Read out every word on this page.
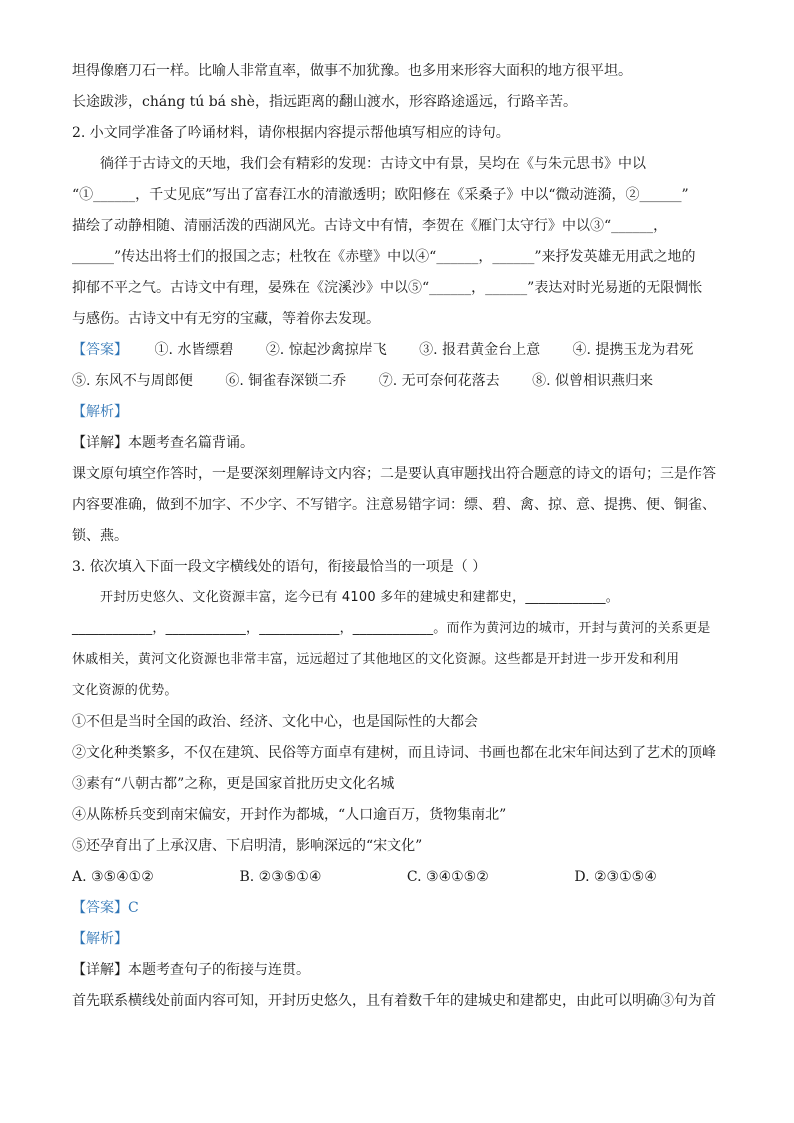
坦得像磨刀石一样。比喻人非常直率，做事不加犹豫。也多用来形容大面积的地方很平坦。
长途跋涉，cháng tú bá shè，指远距离的翻山渡水，形容路途遥远，行路辛苦。
2. 小文同学准备了吟诵材料，请你根据内容提示帮他填写相应的诗句。
徜徉于古诗文的天地，我们会有精彩的发现：古诗文中有景，吴均在《与朱元思书》中以
“①______，千丈见底”写出了富春江水的清澈透明；欧阳修在《采桑子》中以“微动涟漪，②______”
描绘了动静相随、清丽活泼的西湖风光。古诗文中有情，李贺在《雁门太守行》中以③“______，
______”传达出将士们的报国之志；杜牧在《赤壁》中以④“______，______”来抒发英雄无用武之地的
抑郁不平之气。古诗文中有理，晏殊在《浣溪沙》中以⑤“______，______”表达对时光易逝的无限惆怅
与感伤。古诗文中有无穷的宝藏，等着你去发现。
【答案】 ①. 水皆缥碧 ②. 惊起沙禽掠岸飞 ③. 报君黄金台上意 ④. 提携玉龙为君死
⑤. 东风不与周郎便 ⑥. 铜雀春深锁二乔 ⑦. 无可奈何花落去 ⑧. 似曾相识燕归来
【解析】
【详解】本题考查名篇背诵。
课文原句填空作答时，一是要深刻理解诗文内容；二是要认真审题找出符合题意的诗文的语句；三是作答
内容要准确，做到不加字、不少字、不写错字。注意易错字词：缥、碧、禽、掠、意、提携、便、铜雀、
锁、燕。
3. 依次填入下面一段文字横线处的语句，衔接最恰当的一项是（ ）
开封历史悠久、文化资源丰富，迄今已有 4100 多年的建城史和建都史，____________。
____________，____________，____________，____________。而作为黄河边的城市，开封与黄河的关系更是
休戚相关，黄河文化资源也非常丰富，远远超过了其他地区的文化资源。这些都是开封进一步开发和利用
文化资源的优势。
①不但是当时全国的政治、经济、文化中心，也是国际性的大都会
②文化种类繁多，不仅在建筑、民俗等方面卓有建树，而且诗词、书画也都在北宋年间达到了艺术的顶峰
③素有“八朝古都”之称，更是国家首批历史文化名城
④从陈桥兵变到南宋偏安，开封作为都城，“人口逾百万，货物集南北”
⑤还孕育出了上承汉唐、下启明清，影响深远的“宋文化”
A. ③⑤④①②	B. ②③⑤①④	C. ③④①⑤②	D. ②③①⑤④
【答案】C
【解析】
【详解】本题考查句子的衔接与连贯。
首先联系横线处前面内容可知，开封历史悠久，且有着数千年的建城史和建都史，由此可以明确③句为首
